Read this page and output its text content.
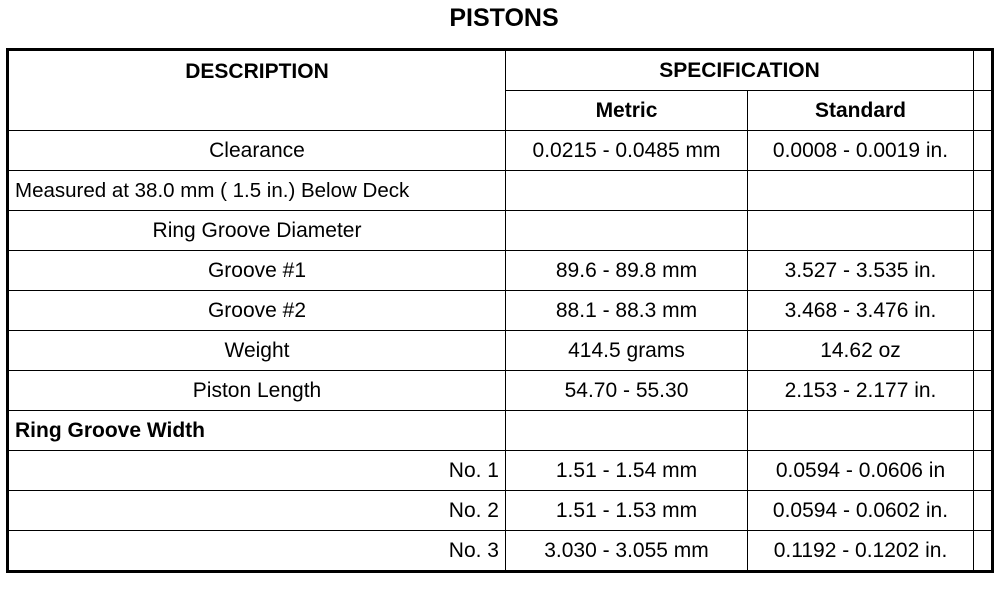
PISTONS
DESCRIPTION	SPECIFICATION		
	Metric	Standard	
Clearance	0.0215 - 0.0485 mm	0.0008 - 0.0019 in.	
Measured at 38.0 mm ( 1.5 in.) Below Deck			
Ring Groove Diameter			
Groove #1	89.6 - 89.8 mm	3.527 - 3.535 in.	
Groove #2	88.1 - 88.3 mm	3.468 - 3.476 in.	
Weight	414.5 grams	14.62 oz	
Piston Length	54.70 - 55.30	2.153 - 2.177 in.	
Ring Groove Width			
No. 1	1.51 - 1.54 mm	0.0594 - 0.0606 in	
No. 2	1.51 - 1.53 mm	0.0594 - 0.0602 in.	
No. 3	3.030 - 3.055 mm	0.1192 - 0.1202 in.	
